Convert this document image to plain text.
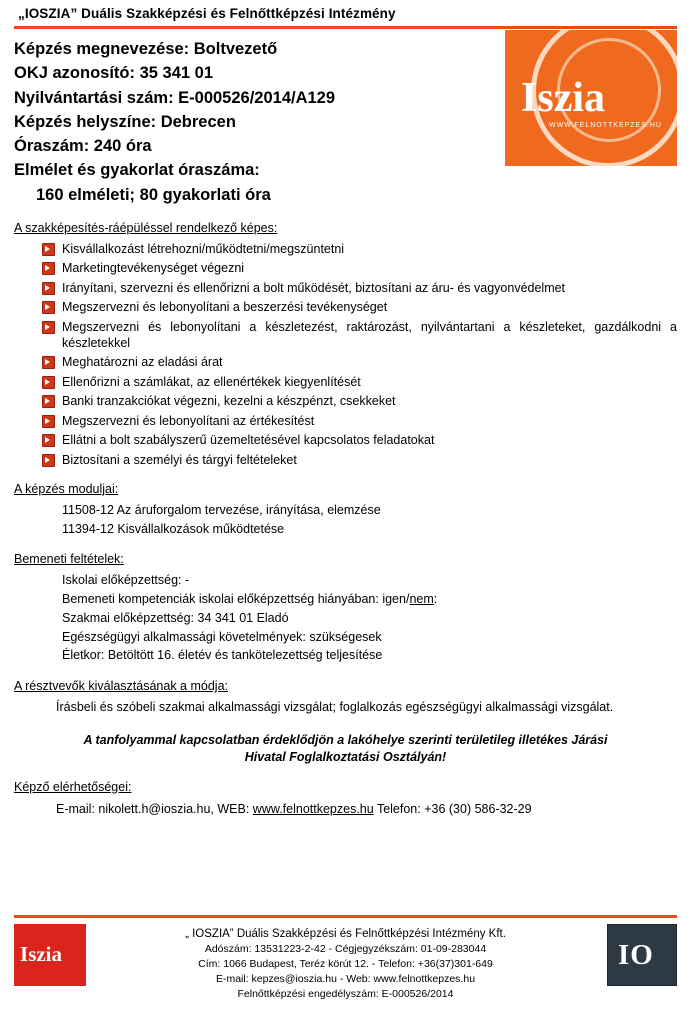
„IOSZIA” Duális Szakképzési és Felnőttképzési Intézmény
Iszia
WWW.FELNOTTKEPZES.HU
Képzés megnevezése: Boltvezető
OKJ azonosító: 35 341 01
Nyilvántartási szám: E-000526/2014/A129
Képzés helyszíne: Debrecen
Óraszám: 240 óra
Elmélet és gyakorlat óraszáma:
160 elméleti; 80 gyakorlati óra
A szakképesítés-ráépüléssel rendelkező képes:
Kisvállalkozást létrehozni/működtetni/megszüntetni
Marketingtevékenységet végezni
Irányítani, szervezni és ellenőrizni a bolt működését, biztosítani az áru- és vagyonvédelmet
Megszervezni és lebonyolítani a beszerzési tevékenységet
Megszervezni és lebonyolítani a készletezést, raktározást, nyilvántartani a készleteket, gazdálkodni a készletekkel
Meghatározni az eladási árat
Ellenőrizni a számlákat, az ellenértékek kiegyenlítését
Banki tranzakciókat végezni, kezelni a készpénzt, csekkeket
Megszervezni és lebonyolítani az értékesítést
Ellátni a bolt szabályszerű üzemeltetésével kapcsolatos feladatokat
Biztosítani a személyi és tárgyi feltételeket
A képzés moduljai:
11508-12 Az áruforgalom tervezése, irányítása, elemzése
11394-12 Kisvállalkozások működtetése
Bemeneti feltételek:
Iskolai előképzettség: -
Bemeneti kompetenciák iskolai előképzettség hiányában: igen/nem:
Szakmai előképzettség: 34 341 01 Eladó
Egészségügyi alkalmassági követelmények: szükségesek
Életkor: Betöltött 16. életév és tankötelezettség teljesítése
A résztvevők kiválasztásának a módja:
Írásbeli és szóbeli szakmai alkalmassági vizsgálat; foglalkozás egészségügyi alkalmassági vizsgálat.
A tanfolyammal kapcsolatban érdeklődjön a lakóhelye szerinti területileg illetékes Járási
Hivatal Foglalkoztatási Osztályán!
Képző elérhetőségei:
E-mail: nikolett.h@ioszia.hu, WEB: www.felnottkepzes.hu Telefon: +36 (30) 586-32-29
Iszia
„ IOSZIA” Duális Szakképzési és Felnőttképzési Intézmény Kft.
Adószám: 13531223-2-42 - Cégjegyzékszám: 01-09-283044
Cím: 1066 Budapest, Teréz körút 12. - Telefon: +36(37)301-649
E-mail: kepzes@ioszia.hu - Web: www.felnottkepzes.hu
Felnőttképzési engedélyszám: E-000526/2014
IO
